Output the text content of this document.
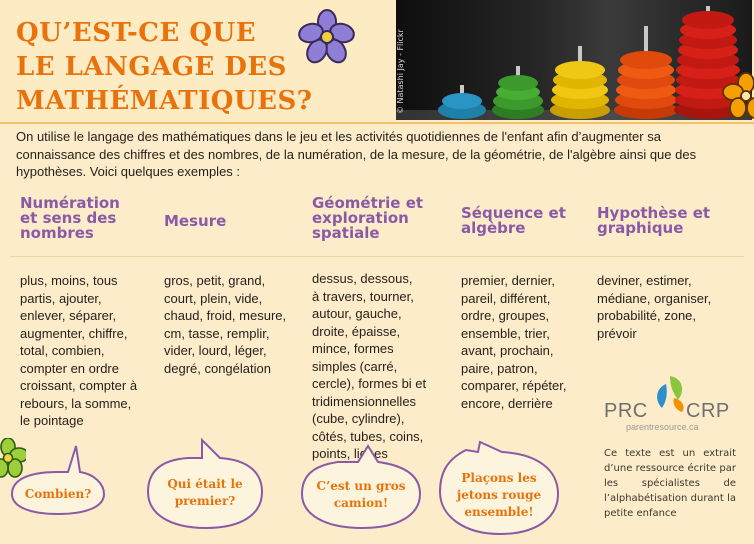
QU’EST-CE QUE
LE LANGAGE DES
MATHÉMATIQUES?	© Natashi Jay - Flickr

On utilise le langage des mathématiques dans le jeu et les activités quotidiennes de l'enfant afin d’augmenter sa connaissance des chiffres et des nombres, de la numération, de la mesure, de la géométrie, de l'algèbre ainsi que des hypothèses. Voici quelques exemples :

Numération
et sens des
nombres
Mesure
Géométrie et
exploration
spatiale
Séquence et
algèbre
Hypothèse et
graphique

plus, moins, tous
partis, ajouter,
enlever, séparer,
augmenter, chiffre,
total, combien,
compter en ordre
croissant, compter à
rebours, la somme,
le pointage

gros, petit, grand,
court, plein, vide,
chaud, froid, mesure,
cm, tasse, remplir,
vider, lourd, léger,
degré, congélation

dessus, dessous,
à travers, tourner,
autour, gauche,
droite, épaisse,
mince, formes
simples (carré,
cercle), formes bi et
tridimensionnelles
(cube, cylindre),
côtés, tubes, coins,
points, lignes

premier, dernier,
pareil, différent,
ordre, groupes,
ensemble, trier,
avant, prochain,
paire, patron,
comparer, répéter,
encore, derrière

deviner, estimer,
médiane, organiser,
probabilité, zone,
prévoir

Combien?

Qui était le
premier?

C’est un gros
camion!

Plaçons les
jetons rouge
ensemble!

PRC CRP
parentresource.ca

Ce texte est un extrait d’une ressource écrite par les spécialistes de l’alphabétisation durant la petite enfance
